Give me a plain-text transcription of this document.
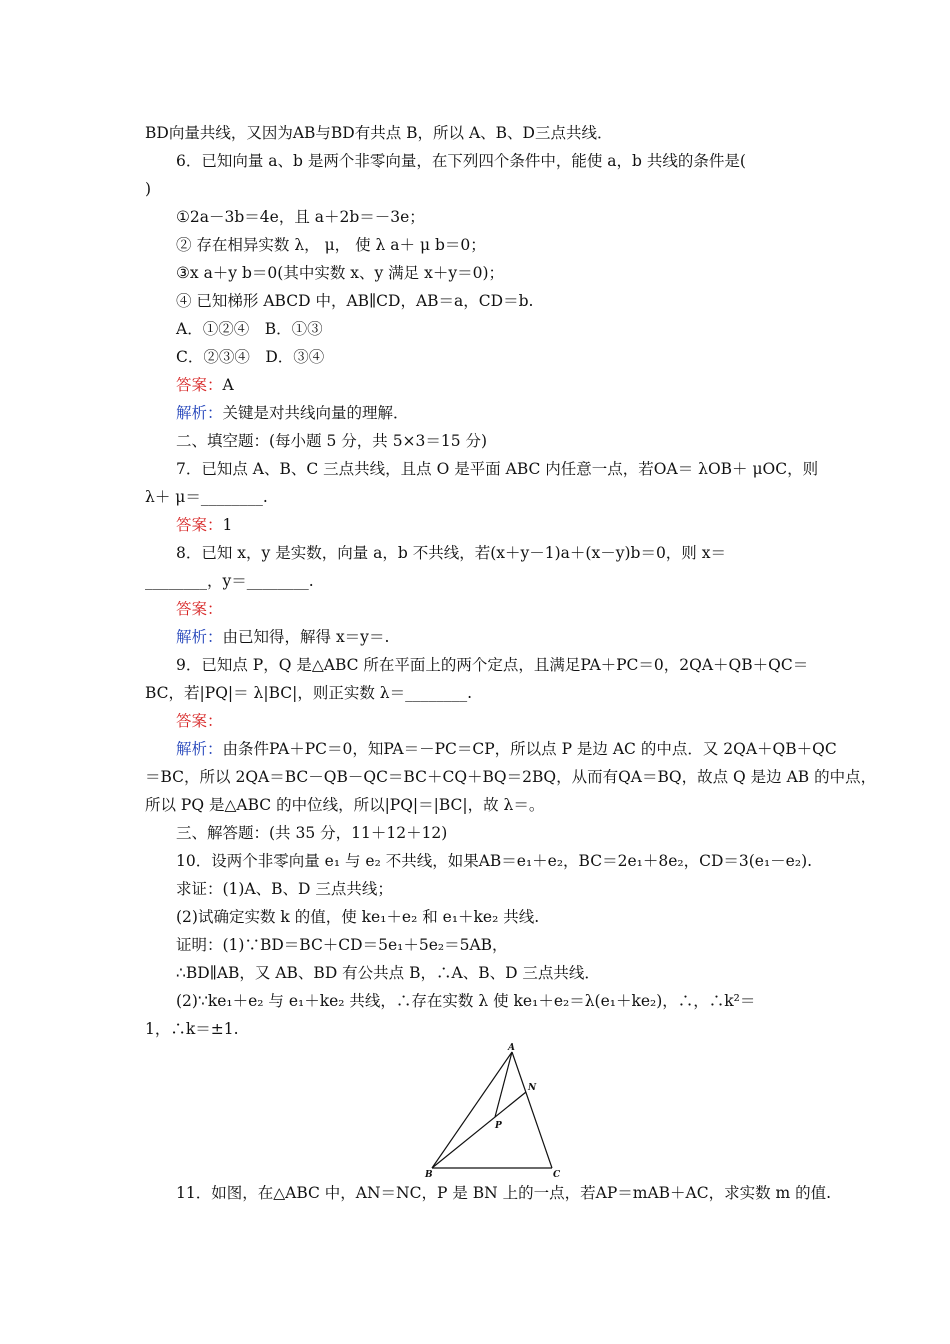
BD向量共线，又因为AB与BD有共点 B，所以 A、B、D三点共线．
6．已知向量 a、b 是两个非零向量，在下列四个条件中，能使 a，b 共线的条件是(
)
①2a－3b＝4e，且 a＋2b＝－3e；
② 存在相异实数 λ， μ， 使 λ a＋ μ b＝0；
③x a＋y b＝0(其中实数 x、y 满足 x＋y＝0)；
④ 已知梯形 ABCD 中，AB∥CD，AB＝a，CD＝b.
A．①②④　B．①③
C．②③④　D．③④
答案：A
解析：关键是对共线向量的理解．
二、填空题：(每小题 5 分，共 5×3＝15 分)
7．已知点 A、B、C 三点共线，且点 O 是平面 ABC 内任意一点，若OA＝ λOB＋ μOC，则
λ＋ μ＝________.
答案：1
8．已知 x，y 是实数，向量 a，b 不共线，若(x＋y－1)a＋(x－y)b＝0，则 x＝
________，y＝________.
答案：
解析：由已知得，解得 x＝y＝.
9．已知点 P，Q 是△ABC 所在平面上的两个定点，且满足PA＋PC＝0，2QA＋QB＋QC＝
BC，若|PQ|＝ λ|BC|，则正实数 λ＝________.
答案：
解析：由条件PA＋PC＝0，知PA＝－PC＝CP，所以点 P 是边 AC 的中点．又 2QA＋QB＋QC
＝BC，所以 2QA＝BC－QB－QC＝BC＋CQ＋BQ＝2BQ，从而有QA＝BQ，故点 Q 是边 AB 的中点，
所以 PQ 是△ABC 的中位线，所以|PQ|＝|BC|，故 λ＝。
三、解答题：(共 35 分，11＋12＋12)
10．设两个非零向量 e₁ 与 e₂ 不共线，如果AB＝e₁＋e₂，BC＝2e₁＋8e₂，CD＝3(e₁－e₂).
求证：(1)A、B、D 三点共线；
(2)试确定实数 k 的值，使 ke₁＋e₂ 和 e₁＋ke₂ 共线.
证明：(1)∵BD＝BC＋CD＝5e₁＋5e₂＝5AB，
∴BD∥AB，又 AB、BD 有公共点 B，∴A、B、D 三点共线．
(2)∵ke₁＋e₂ 与 e₁＋ke₂ 共线，∴存在实数 λ 使 ke₁＋e₂＝λ(e₁＋ke₂)，∴，∴k²＝
1，∴k＝±1.
A
N
P
B	C
11．如图，在△ABC 中，AN＝NC，P 是 BN 上的一点，若AP＝mAB＋AC，求实数 m 的值.
